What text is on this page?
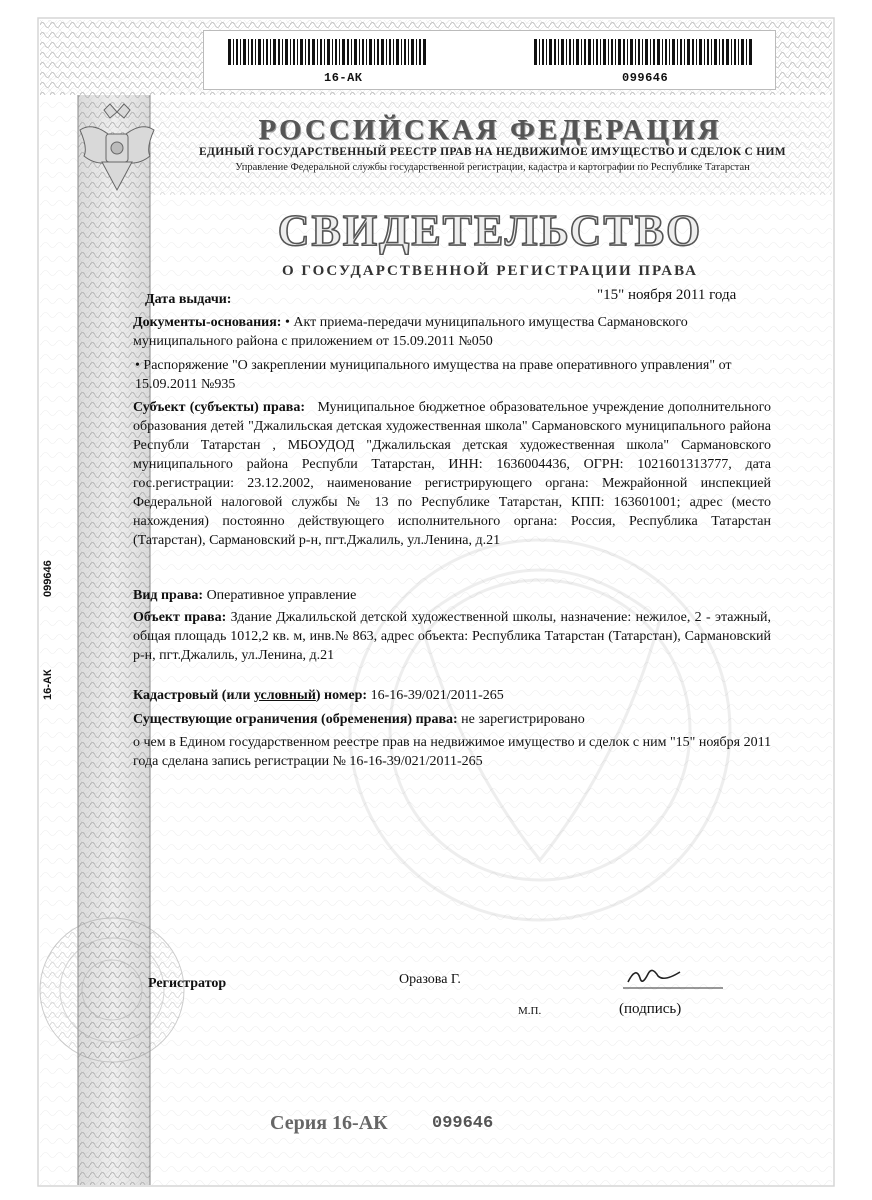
16-АК	099646
РОССИЙСКАЯ ФЕДЕРАЦИЯ
ЕДИНЫЙ ГОСУДАРСТВЕННЫЙ РЕЕСТР ПРАВ НА НЕДВИЖИМОЕ ИМУЩЕСТВО И СДЕЛОК С НИМ
Управление Федеральной службы государственной регистрации, кадастра и картографии по Республике Татарстан
СВИДЕТЕЛЬСТВО
О ГОСУДАРСТВЕННОЙ РЕГИСТРАЦИИ ПРАВА
Дата выдачи:	"15" ноября 2011 года
Документы-основания: • Акт приема-передачи муниципального имущества Сармановского муниципального района с приложением от 15.09.2011 №050
• Распоряжение "О закреплении муниципального имущества на праве оперативного управления" от 15.09.2011 №935
Субъект (субъекты) права: Муниципальное бюджетное образовательное учреждение дополнительного образования детей "Джалильская детская художественная школа" Сармановского муниципального района Республи Татарстан , МБОУДОД "Джалильская детская художественная школа" Сармановского муниципального района Республи Татарстан, ИНН: 1636004436, ОГРН: 1021601313777, дата гос.регистрации: 23.12.2002, наименование регистрирующего органа: Межрайонной инспекцией Федеральной налоговой службы № 13 по Республике Татарстан, КПП: 163601001; адрес (место нахождения) постоянно действующего исполнительного органа: Россия, Республика Татарстан (Татарстан), Сармановский р-н, пгт.Джалиль, ул.Ленина, д.21
Вид права: Оперативное управление
Объект права: Здание Джалильской детской художественной школы, назначение: нежилое, 2 - этажный, общая площадь 1012,2 кв. м, инв.№ 863, адрес объекта: Республика Татарстан (Татарстан), Сармановский р-н, пгт.Джалиль, ул.Ленина, д.21
Кадастровый (или условный) номер: 16-16-39/021/2011-265
Существующие ограничения (обременения) права: не зарегистрировано
о чем в Едином государственном реестре прав на недвижимое имущество и сделок с ним "15" ноября 2011 года сделана запись регистрации № 16-16-39/021/2011-265
Регистратор	Оразова Г.
М.П.	(подпись)
16-АК
099646
Серия 16-АК	099646
